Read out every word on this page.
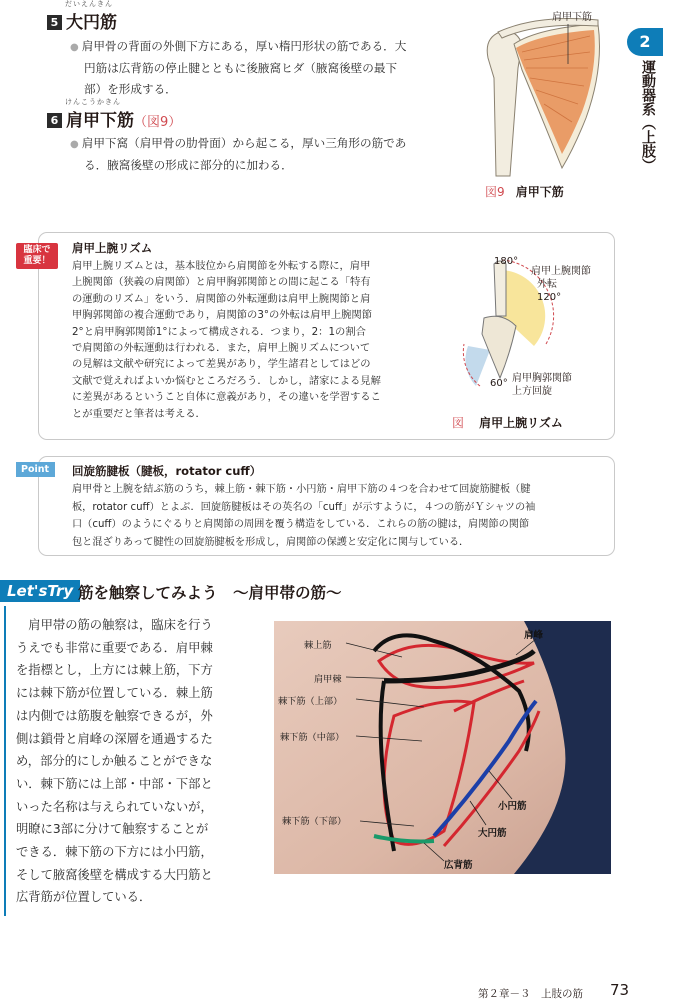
だいえんきん
5 大円筋
● 肩甲骨の背面の外側下方にある，厚い楕円形状の筋である．大
円筋は広背筋の停止腱とともに後腋窩ヒダ（腋窩後壁の最下
部）を形成する．
けんこうかきん
6 肩甲下筋（図9）
● 肩甲下窩（肩甲骨の肋骨面）から起こる，厚い三角形の筋であ
る．腋窩後壁の形成に部分的に加わる．
肩甲下筋
図9 肩甲下筋
2
運動器系（上肢）
臨床で
重要！
肩甲上腕リズム
肩甲上腕リズムとは，基本肢位から肩関節を外転する際に，肩甲
上腕関節（狭義の肩関節）と肩甲胸郭関節との間に起こる「特有
の運動のリズム」をいう．肩関節の外転運動は肩甲上腕関節と肩
甲胸郭関節の複合運動であり，肩関節の3°の外転は肩甲上腕関節
2°と肩甲胸郭関節1°によって構成される．つまり，2：1の割合
で肩関節の外転運動は行われる．また，肩甲上腕リズムについて
の見解は文献や研究によって差異があり，学生諸君としてはどの
文献で覚えればよいか悩むところだろう．しかし，諸家による見解
に差異があるということ自体に意義があり，その違いを学習するこ
とが重要だと筆者は考える．
180°
肩甲上腕関節
外転
120°
肩甲胸郭関節
上方回旋
60°
図 肩甲上腕リズム
Point	回旋筋腱板（腱板，rotator cuff）
肩甲骨と上腕を結ぶ筋のうち，棘上筋・棘下筋・小円筋・肩甲下筋の４つを合わせて回旋筋腱板（腱
板，rotator cuff）とよぶ．回旋筋腱板はその英名の「cuff」が示すように，４つの筋がＹシャツの袖
口（cuff）のようにぐるりと肩関節の周囲を覆う構造をしている．これらの筋の腱は，肩関節の関節
包と混ざりあって腱性の回旋筋腱板を形成し，肩関節の保護と安定化に関与している．
Let'sTry 筋を触察してみよう　～肩甲帯の筋～
　肩甲帯の筋の触察は，臨床を行う
うえでも非常に重要である．肩甲棘
を指標とし，上方には棘上筋，下方
には棘下筋が位置している．棘上筋
は内側では筋腹を触察できるが，外
側は鎖骨と肩峰の深層を通過するた
め，部分的にしか触ることができな
い．棘下筋には上部・中部・下部と
いった名称は与えられていないが，
明瞭に3部に分けて触察することが
できる．棘下筋の下方には小円筋，
そして腋窩後壁を構成する大円筋と
広背筋が位置している．
棘上筋
肩甲棘
棘下筋（上部）
棘下筋（中部）
棘下筋（下部）
肩峰
小円筋
大円筋
広背筋
第２章－３　上肢の筋 73
